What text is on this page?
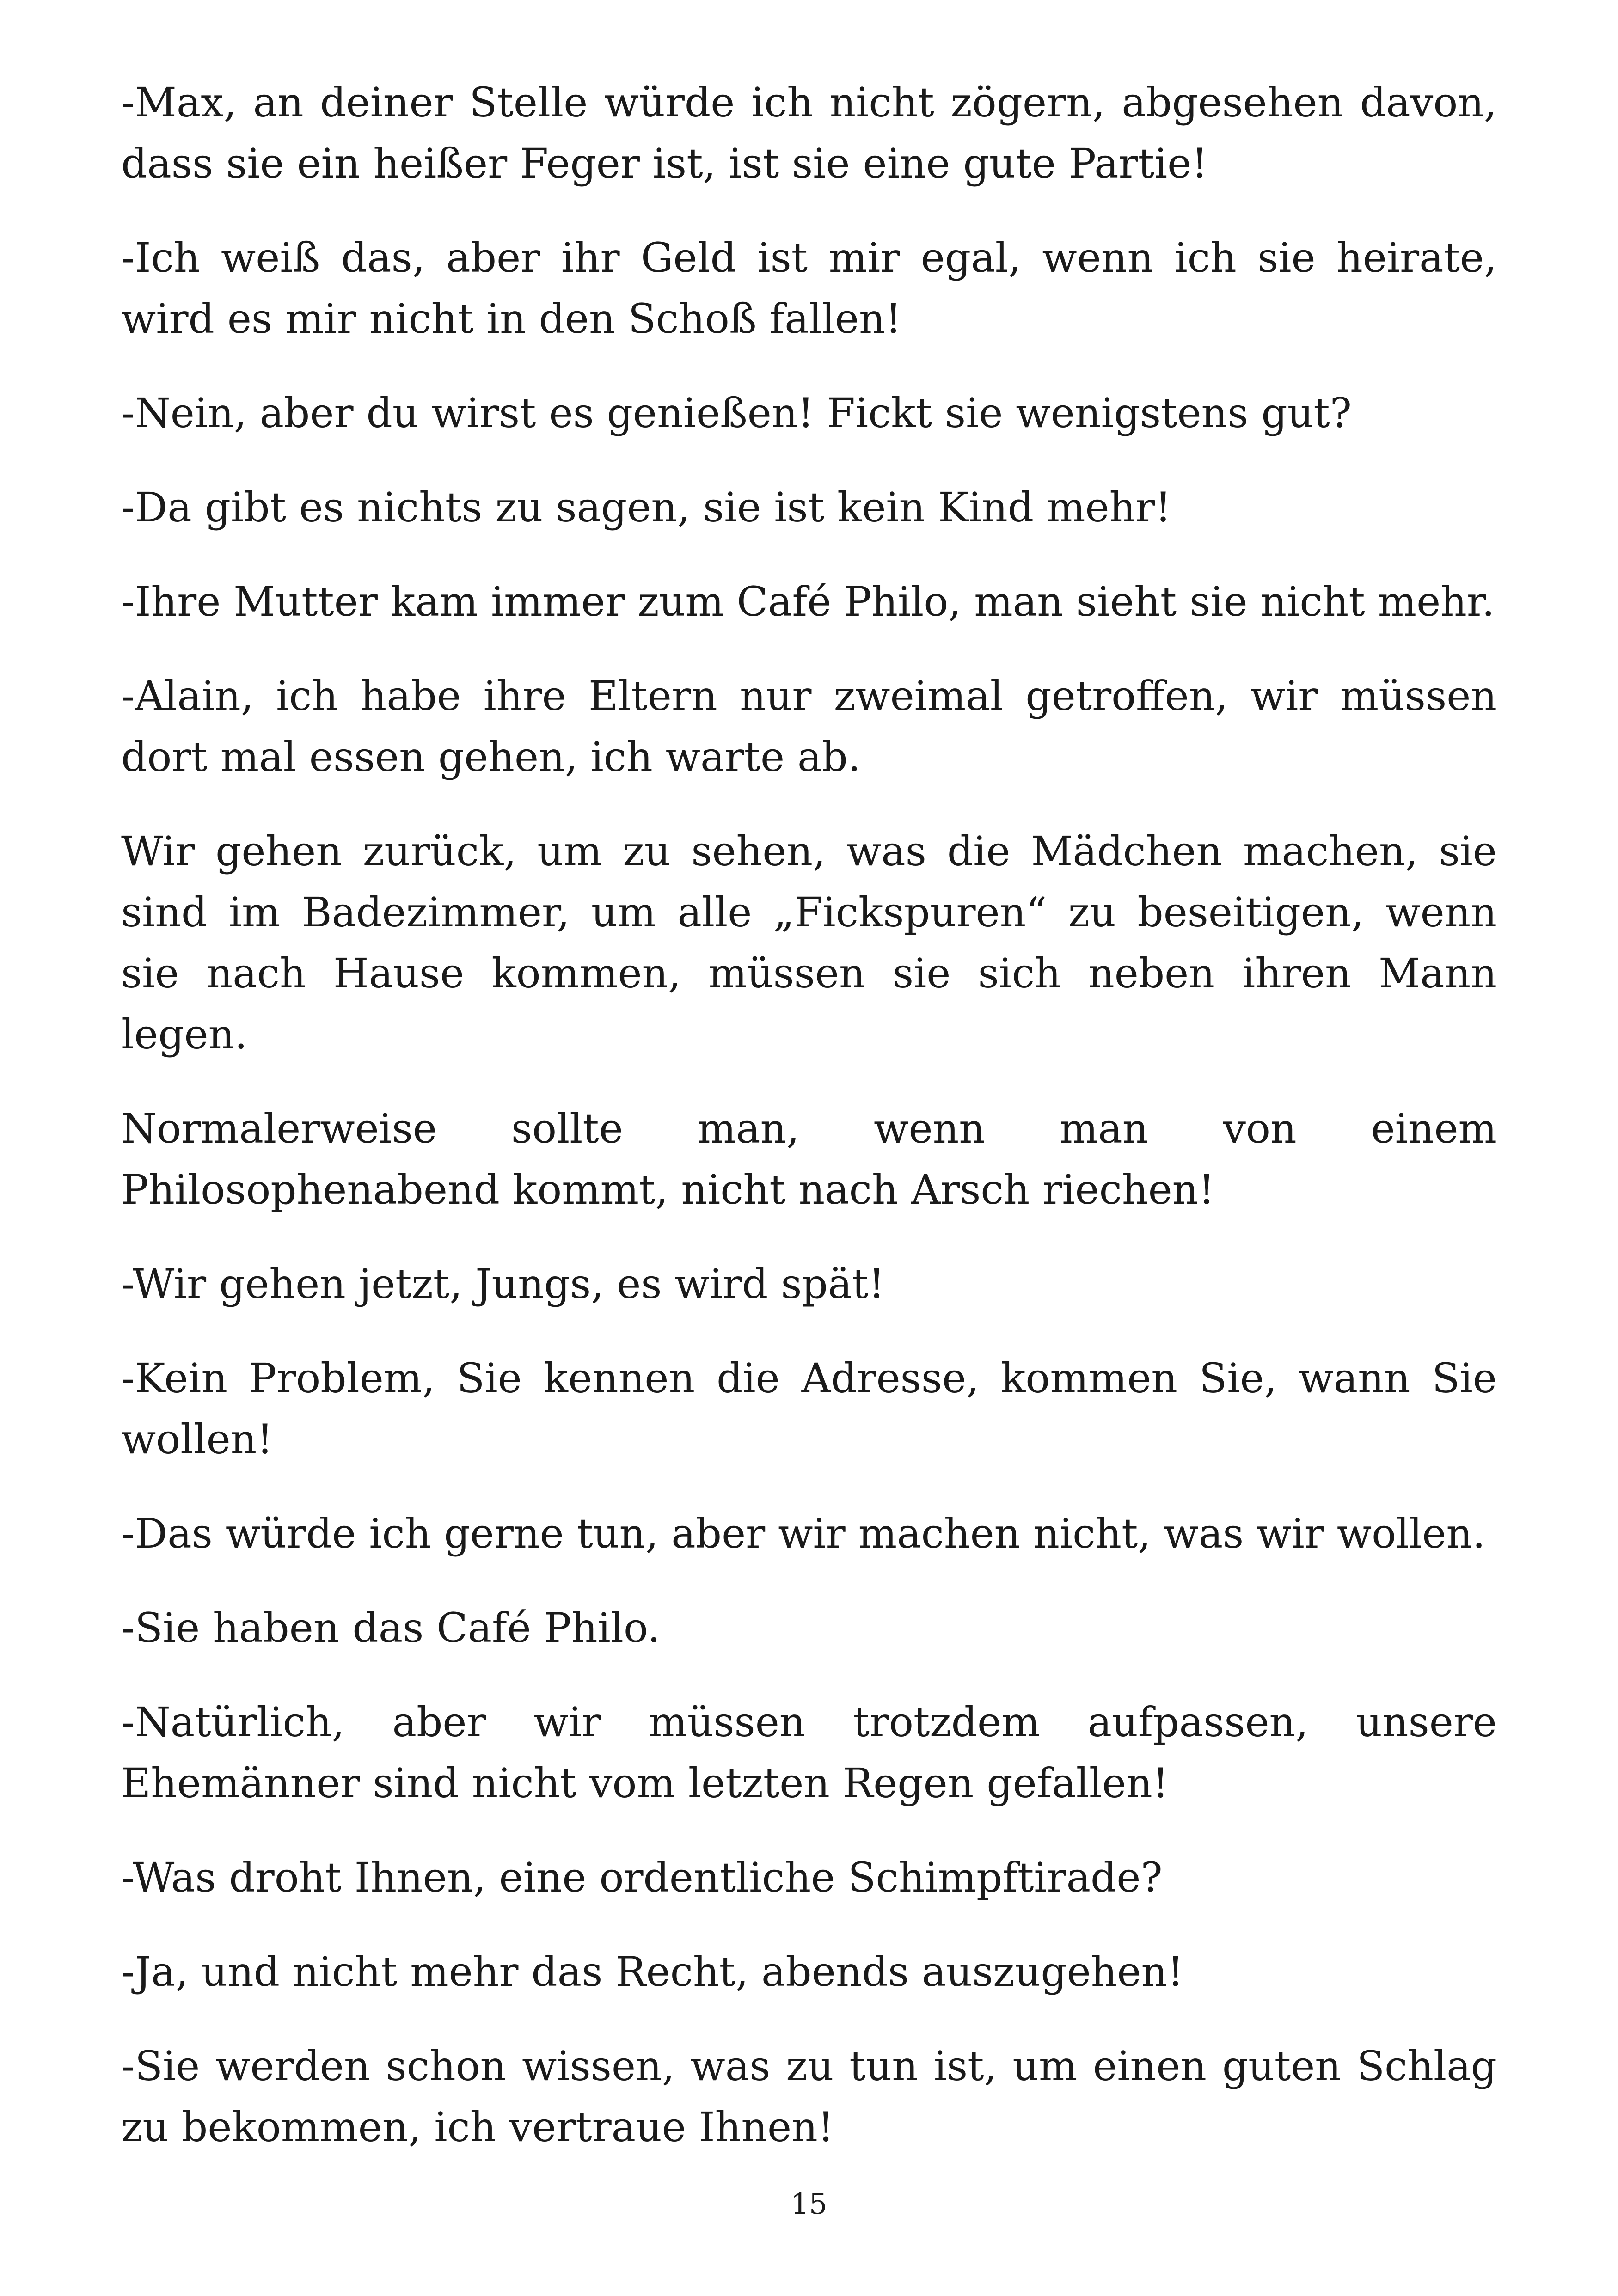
-Max, an deiner Stelle würde ich nicht zögern, abgesehen davon, dass sie ein heißer Feger ist, ist sie eine gute Partie!

-Ich weiß das, aber ihr Geld ist mir egal, wenn ich sie heirate, wird es mir nicht in den Schoß fallen!

-Nein, aber du wirst es genießen! Fickt sie wenigstens gut?

-Da gibt es nichts zu sagen, sie ist kein Kind mehr!

-Ihre Mutter kam immer zum Café Philo, man sieht sie nicht mehr.

-Alain, ich habe ihre Eltern nur zweimal getroffen, wir müssen dort mal essen gehen, ich warte ab.

Wir gehen zurück, um zu sehen, was die Mädchen machen, sie sind im Badezimmer, um alle „Fickspuren“ zu beseitigen, wenn sie nach Hause kommen, müssen sie sich neben ihren Mann legen.

Normalerweise sollte man, wenn man von einem Philosophenabend kommt, nicht nach Arsch riechen!

-Wir gehen jetzt, Jungs, es wird spät!

-Kein Problem, Sie kennen die Adresse, kommen Sie, wann Sie wollen!

-Das würde ich gerne tun, aber wir machen nicht, was wir wollen.

-Sie haben das Café Philo.

-Natürlich, aber wir müssen trotzdem aufpassen, unsere Ehemänner sind nicht vom letzten Regen gefallen!

-Was droht Ihnen, eine ordentliche Schimpftirade?

-Ja, und nicht mehr das Recht, abends auszugehen!

-Sie werden schon wissen, was zu tun ist, um einen guten Schlag zu bekommen, ich vertraue Ihnen!

15
